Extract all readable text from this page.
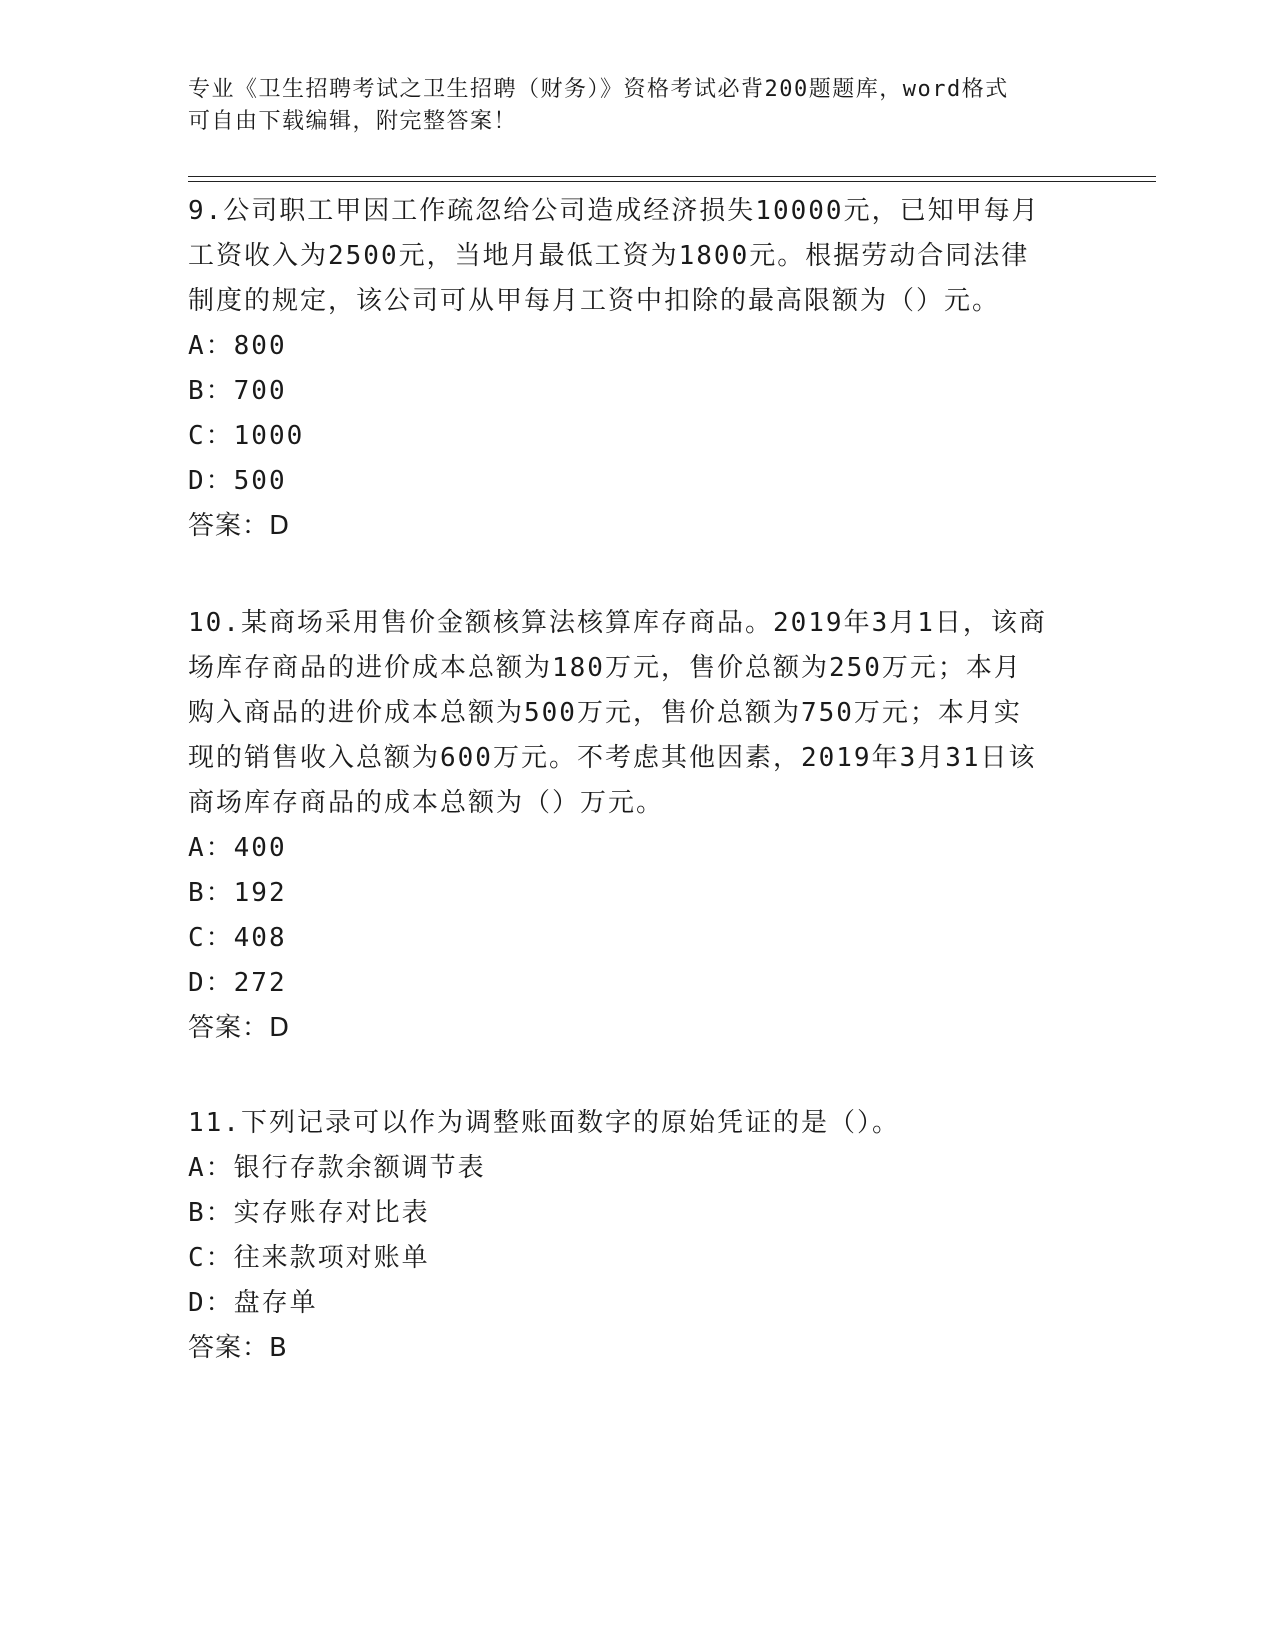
专业《卫生招聘考试之卫生招聘（财务）》资格考试必背200题题库，word格式
可自由下载编辑，附完整答案！
9.公司职工甲因工作疏忽给公司造成经济损失10000元，已知甲每月
工资收入为2500元，当地月最低工资为1800元。根据劳动合同法律
制度的规定，该公司可从甲每月工资中扣除的最高限额为（）元。
A：800
B：700
C：1000
D：500
答案：D
10.某商场采用售价金额核算法核算库存商品。2019年3月1日，该商
场库存商品的进价成本总额为180万元，售价总额为250万元；本月
购入商品的进价成本总额为500万元，售价总额为750万元；本月实
现的销售收入总额为600万元。不考虑其他因素，2019年3月31日该
商场库存商品的成本总额为（）万元。
A：400
B：192
C：408
D：272
答案：D
11.下列记录可以作为调整账面数字的原始凭证的是（）。
A：银行存款余额调节表
B：实存账存对比表
C：往来款项对账单
D：盘存单
答案：B
